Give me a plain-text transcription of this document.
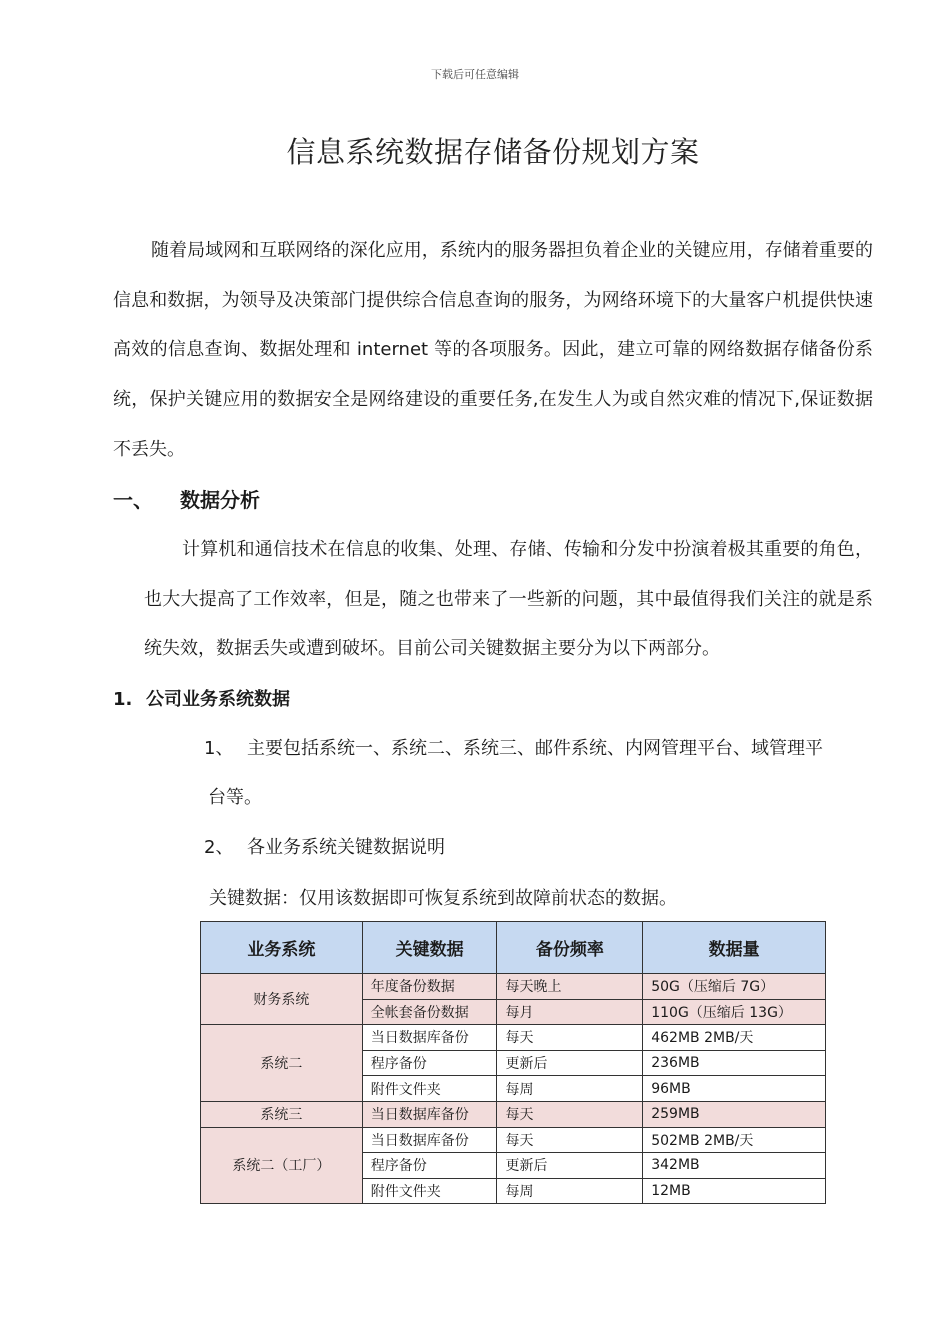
下载后可任意编辑
信息系统数据存储备份规划方案

随着局域网和互联网络的深化应用，系统内的服务器担负着企业的关键应用，存储着重要的信息和数据，为领导及决策部门提供综合信息查询的服务，为网络环境下的大量客户机提供快速高效的信息查询、数据处理和 internet 等的各项服务。因此，建立可靠的网络数据存储备份系统，保护关键应用的数据安全是网络建设的重要任务,在发生人为或自然灾难的情况下,保证数据不丢失。

一、 数据分析

计算机和通信技术在信息的收集、处理、存储、传输和分发中扮演着极其重要的角色，也大大提高了工作效率，但是，随之也带来了一些新的问题，其中最值得我们关注的就是系统失效，数据丢失或遭到破坏。目前公司关键数据主要分为以下两部分。

1. 公司业务系统数据
1、 主要包括系统一、系统二、系统三、邮件系统、内网管理平台、域管理平
台等。
2、 各业务系统关键数据说明
关键数据：仅用该数据即可恢复系统到故障前状态的数据。
业务系统	关键数据	备份频率	数据量
财务系统	年度备份数据	每天晚上	50G（压缩后 7G）
	全帐套备份数据	每月	110G（压缩后 13G）
系统二	当日数据库备份	每天	462MB 2MB/天
	程序备份	更新后	236MB
	附件文件夹	每周	96MB
系统三	当日数据库备份	每天	259MB
系统二（工厂）	当日数据库备份	每天	502MB 2MB/天
	程序备份	更新后	342MB
	附件文件夹	每周	12MB
